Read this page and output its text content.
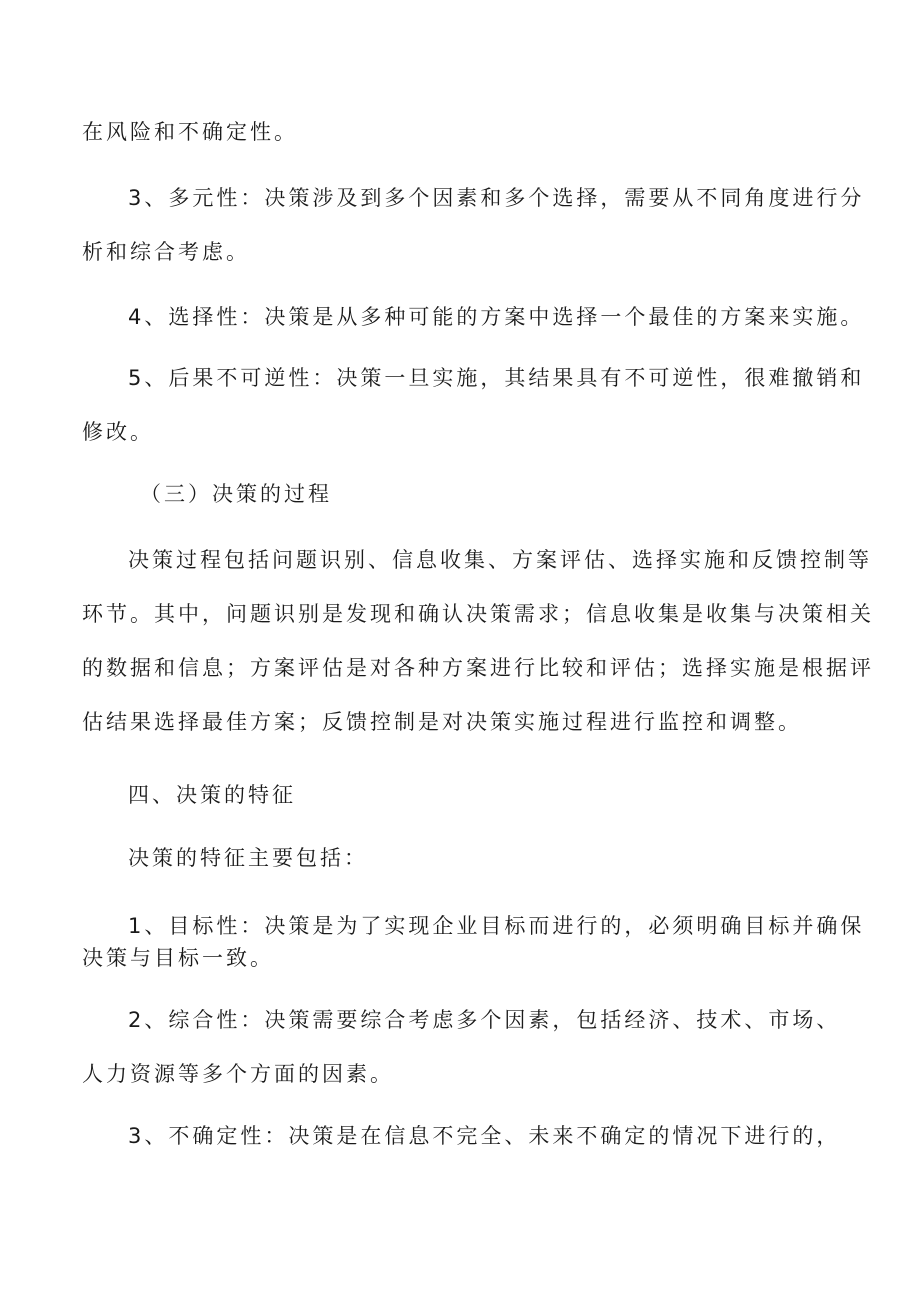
在风险和不确定性。
3、多元性：决策涉及到多个因素和多个选择，需要从不同角度进行分
析和综合考虑。
4、选择性：决策是从多种可能的方案中选择一个最佳的方案来实施。
5、后果不可逆性：决策一旦实施，其结果具有不可逆性，很难撤销和
修改。
（三）决策的过程
决策过程包括问题识别、信息收集、方案评估、选择实施和反馈控制等
环节。其中，问题识别是发现和确认决策需求；信息收集是收集与决策相关
的数据和信息；方案评估是对各种方案进行比较和评估；选择实施是根据评
估结果选择最佳方案；反馈控制是对决策实施过程进行监控和调整。
四、决策的特征
决策的特征主要包括：
1、目标性：决策是为了实现企业目标而进行的，必须明确目标并确保
决策与目标一致。
2、综合性：决策需要综合考虑多个因素，包括经济、技术、市场、
人力资源等多个方面的因素。
3、不确定性：决策是在信息不完全、未来不确定的情况下进行的，
